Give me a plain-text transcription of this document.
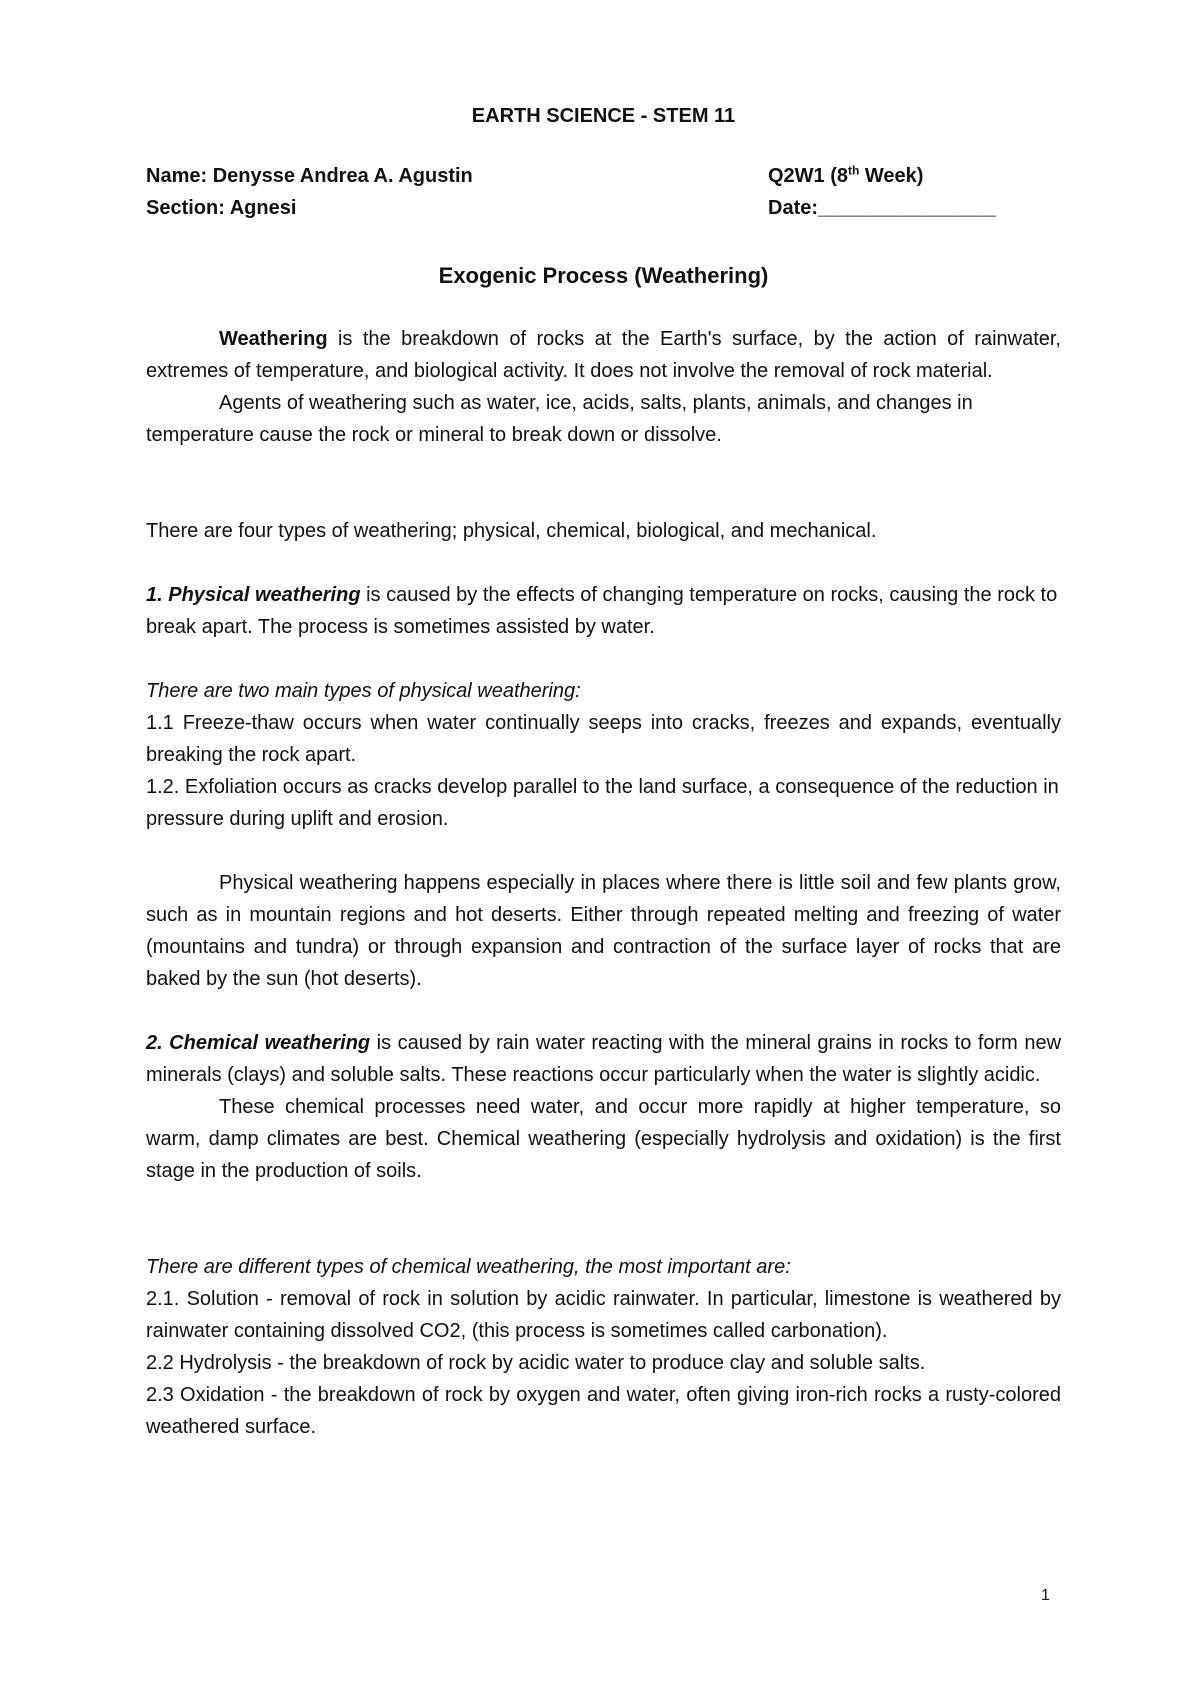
EARTH SCIENCE - STEM 11
Name: Denysse Andrea A. Agustin	Q2W1 (8th Week)
Section: Agnesi	Date:________________
Exogenic Process (Weathering)

Weathering is the breakdown of rocks at the Earth's surface, by the action of rainwater, extremes of temperature, and biological activity. It does not involve the removal of rock material.

Agents of weathering such as water, ice, acids, salts, plants, animals, and changes in temperature cause the rock or mineral to break down or dissolve.

There are four types of weathering; physical, chemical, biological, and mechanical.

1. Physical weathering is caused by the effects of changing temperature on rocks, causing the rock to break apart. The process is sometimes assisted by water.

There are two main types of physical weathering:

1.1 Freeze-thaw occurs when water continually seeps into cracks, freezes and expands, eventually breaking the rock apart.

1.2. Exfoliation occurs as cracks develop parallel to the land surface, a consequence of the reduction in pressure during uplift and erosion.

Physical weathering happens especially in places where there is little soil and few plants grow, such as in mountain regions and hot deserts. Either through repeated melting and freezing of water (mountains and tundra) or through expansion and contraction of the surface layer of rocks that are baked by the sun (hot deserts).

2. Chemical weathering is caused by rain water reacting with the mineral grains in rocks to form new minerals (clays) and soluble salts. These reactions occur particularly when the water is slightly acidic.

These chemical processes need water, and occur more rapidly at higher temperature, so warm, damp climates are best. Chemical weathering (especially hydrolysis and oxidation) is the first stage in the production of soils.

There are different types of chemical weathering, the most important are:

2.1. Solution - removal of rock in solution by acidic rainwater. In particular, limestone is weathered by rainwater containing dissolved CO2, (this process is sometimes called carbonation).

2.2 Hydrolysis - the breakdown of rock by acidic water to produce clay and soluble salts.

2.3 Oxidation - the breakdown of rock by oxygen and water, often giving iron-rich rocks a rusty-colored weathered surface.

1
